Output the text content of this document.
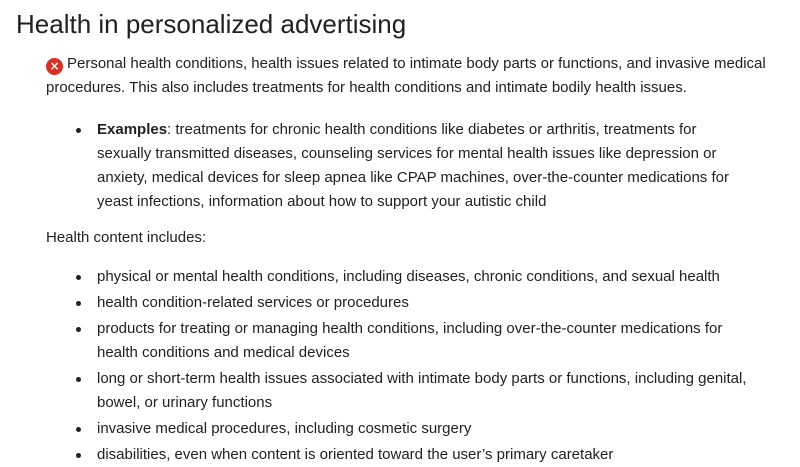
Health in personalized advertising

× Personal health conditions, health issues related to intimate body parts or functions, and invasive medical procedures. This also includes treatments for health conditions and intimate bodily health issues.

Examples: treatments for chronic health conditions like diabetes or arthritis, treatments for sexually transmitted diseases, counseling services for mental health issues like depression or anxiety, medical devices for sleep apnea like CPAP machines, over-the-counter medications for yeast infections, information about how to support your autistic child

Health content includes:

physical or mental health conditions, including diseases, chronic conditions, and sexual health
health condition-related services or procedures
products for treating or managing health conditions, including over-the-counter medications for health conditions and medical devices
long or short-term health issues associated with intimate body parts or functions, including genital, bowel, or urinary functions
invasive medical procedures, including cosmetic surgery
disabilities, even when content is oriented toward the user’s primary caretaker
